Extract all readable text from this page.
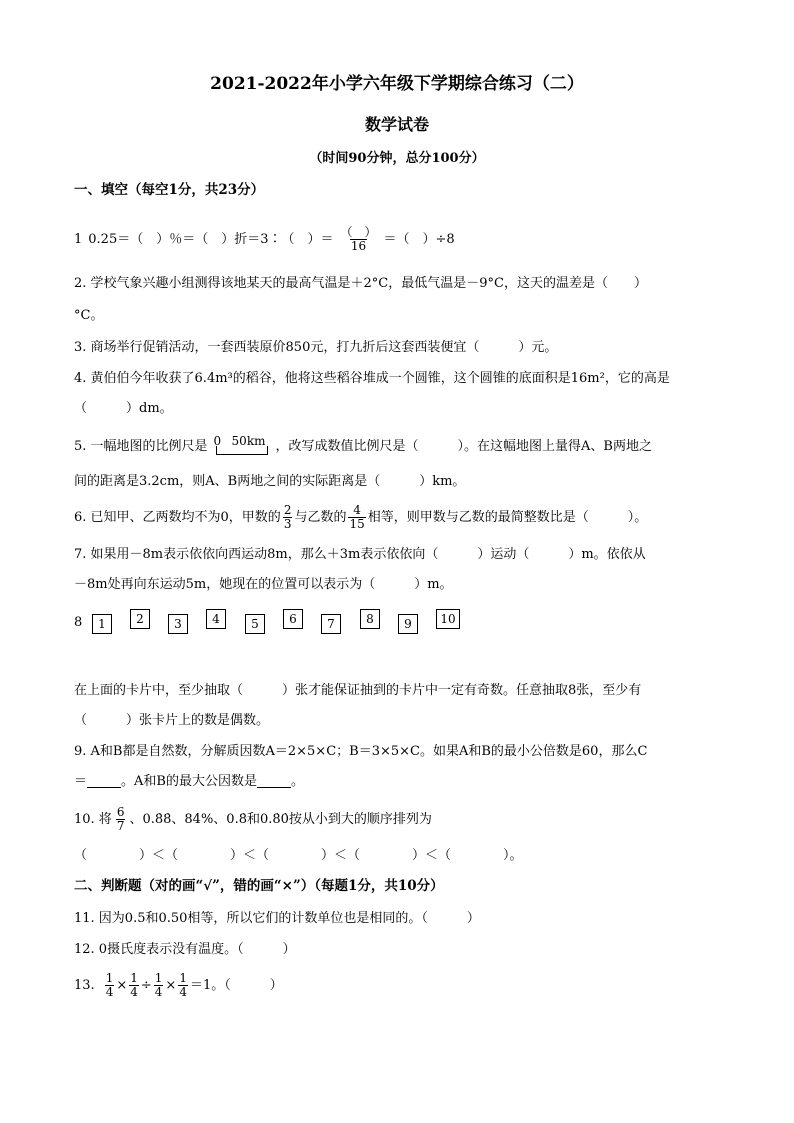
2021-2022年小学六年级下学期综合练习（二）
数学试卷
（时间90分钟，总分100分）
一、填空（每空1分，共23分）
1 0.25＝（　）％＝（　）折＝3∶（　）＝ $\frac{( )}{16}$ ＝（　）÷8
2. 学校气象兴趣小组测得该地某天的最高气温是＋2°C，最低气温是－9°C，这天的温差是（　　）
°C。
3. 商场举行促销活动，一套西装原价850元，打九折后这套西装便宜（　　　）元。
4. 黄伯伯今年收获了6.4m³的稻谷，他将这些稻谷堆成一个圆锥，这个圆锥的底面积是16m²，它的高是
（　　　）dm。
5. 一幅地图的比例尺是 0 50km ，改写成数值比例尺是（　　　）。在这幅地图上量得A、B两地之
间的距离是3.2cm，则A、B两地之间的实际距离是（　　　）km。
6. 已知甲、乙两数均不为0，甲数的 $\frac{2}{3}$ 与乙数的 $\frac{4}{15}$ 相等，则甲数与乙数的最简整数比是（　　　）。
7. 如果用－8m表示依依向西运动8m，那么＋3m表示依依向（　　　）运动（　　　）m。依依从
－8m处再向东运动5m，她现在的位置可以表示为（　　　）m。
8	1	2	3	4	5	6	7	8	9	10
在上面的卡片中，至少抽取（　　　）张才能保证抽到的卡片中一定有奇数。任意抽取8张，至少有
（　　　）张卡片上的数是偶数。
9. A和B都是自然数，分解质因数A＝2×5×C；B＝3×5×C。如果A和B的最小公倍数是60，那么C
＝	。A和B的最大公因数是	。
10. 将 $\frac{6}{7}$ 、0.8̇8̇、84%、0.8̇和0.8̇0̇按从小到大的顺序排列为
（　　　　）＜（　　　　）＜（　　　　）＜（　　　　）＜（　　　　）。
二、判断题（对的画“√”，错的画“×”）（每题1分，共10分）
11. 因为0.5和0.50相等，所以它们的计数单位也是相同的。（　　　）
12. 0摄氏度表示没有温度。（　　　）
13. $\frac{1}{4} \times \frac{1}{4} \div \frac{1}{4} \times \frac{1}{4} =1$。（　　　）
